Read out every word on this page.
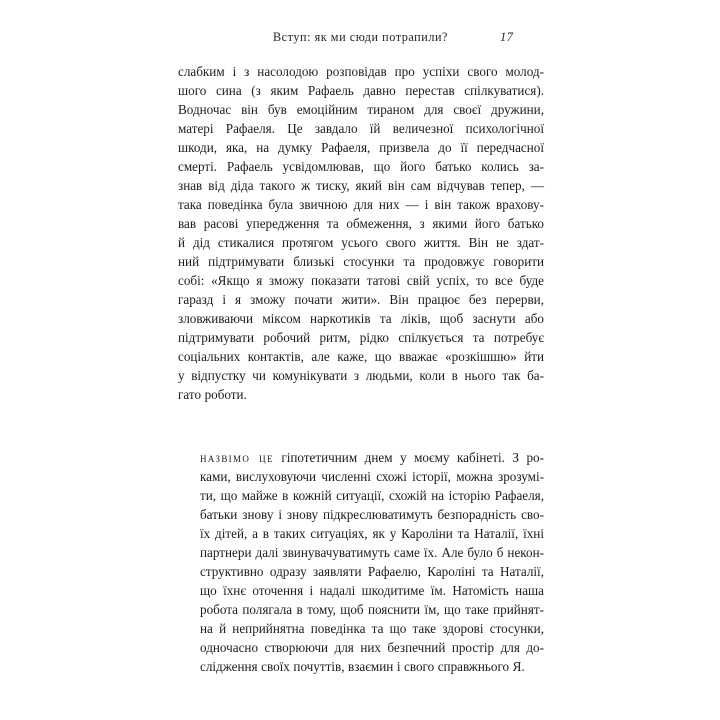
Вступ: як ми сюди потрапили?	17

слабким і з насолодою розповідав про успіхи свого молод-
шого сина (з яким Рафаель давно перестав спілкуватися).
Водночас він був емоційним тираном для своєї дружини,
матері Рафаеля. Це завдало їй величезної психологічної
шкоди, яка, на думку Рафаеля, призвела до її передчасної
смерті. Рафаель усвідомлював, що його батько колись за-
знав від діда такого ж тиску, який він сам відчував тепер, —
така поведінка була звичною для них — і він також врахову-
вав расові упередження та обмеження, з якими його батько
й дід стикалися протягом усього свого життя. Він не здат-
ний підтримувати близькі стосунки та продовжує говорити
собі: «Якщо я зможу показати татові свій успіх, то все буде
гаразд і я зможу почати жити». Він працює без перерви,
зловживаючи міксом наркотиків та ліків, щоб заснути або
підтримувати робочий ритм, рідко спілкується та потребує
соціальних контактів, але каже, що вважає «розкішшю» йти
у відпустку чи комунікувати з людьми, коли в нього так ба-
гато роботи.

назвімо це гіпотетичним днем у моєму кабінеті. З ро-
ками, вислуховуючи численні схожі історії, можна зрозумі-
ти, що майже в кожній ситуації, схожій на історію Рафаеля,
батьки знову і знову підкреслюватимуть безпорадність сво-
їх дітей, а в таких ситуаціях, як у Кароліни та Наталії, їхні
партнери далі звинувачуватимуть саме їх. Але було б некон-
структивно одразу заявляти Рафаелю, Кароліні та Наталії,
що їхнє оточення і надалі шкодитиме їм. Натомість наша
робота полягала в тому, щоб пояснити їм, що таке прийнят-
на й неприйнятна поведінка та що таке здорові стосунки,
одночасно створюючи для них безпечний простір для до-
слідження своїх почуттів, взаємин і свого справжнього Я.
